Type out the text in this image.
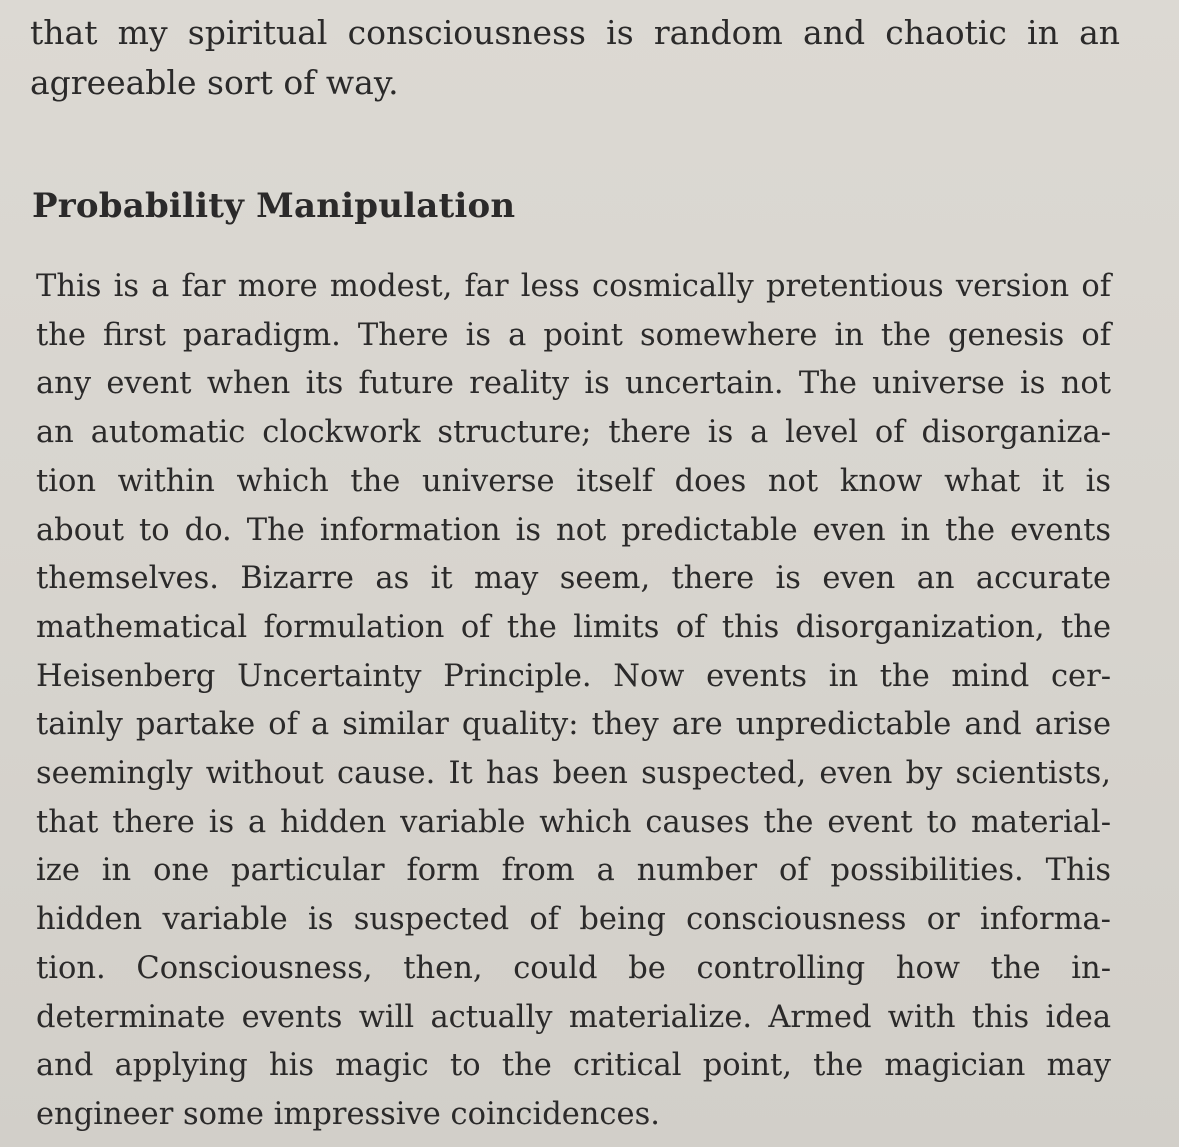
that my spiritual consciousness is random and chaotic in an
agreeable sort of way.

Probability Manipulation

This is a far more modest, far less cosmically pretentious version of
the first paradigm. There is a point somewhere in the genesis of
any event when its future reality is uncertain. The universe is not
an automatic clockwork structure; there is a level of disorganiza-
tion within which the universe itself does not know what it is
about to do. The information is not predictable even in the events
themselves. Bizarre as it may seem, there is even an accurate
mathematical formulation of the limits of this disorganization, the
Heisenberg Uncertainty Principle. Now events in the mind cer-
tainly partake of a similar quality: they are unpredictable and arise
seemingly without cause. It has been suspected, even by scientists,
that there is a hidden variable which causes the event to material-
ize in one particular form from a number of possibilities. This
hidden variable is suspected of being consciousness or informa-
tion. Consciousness, then, could be controlling how the in-
determinate events will actually materialize. Armed with this idea
and applying his magic to the critical point, the magician may
engineer some impressive coincidences.
